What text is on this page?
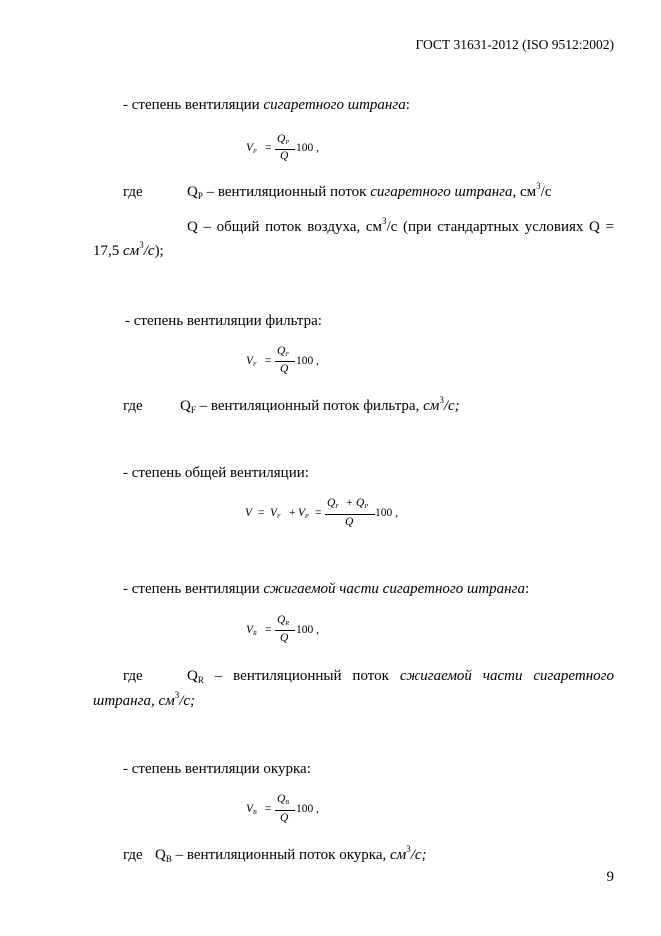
ГОСТ 31631-2012 (ISO 9512:2002)
- степень вентиляции сигаретного штранга:
VP =
QP
Q
100 ,
где	$Q_P$ – вентиляционный поток сигаретного штранга, $см^3/с$
Q – общий поток воздуха, $см^3/с$ (при стандартных условиях Q =
17,5 $см^3/с$);
- степень вентиляции фильтра:
VF =
QF
Q
100 ,
где $Q_F$ – вентиляционный поток фильтра, $см^3/с$;
- степень общей вентиляции:
V = VF + VP =
QF + QP
Q
100 ,
- степень вентиляции сжигаемой части сигаретного штранга:
VR =
QR
Q
100 ,
где	$Q_R$ – вентиляционный поток сжигаемой части сигаретного
штранга, $см^3/с$;
- степень вентиляции окурка:
VB =
QB
Q
100 ,
где $Q_B$ – вентиляционный поток окурка, $см^3/с$;
9
